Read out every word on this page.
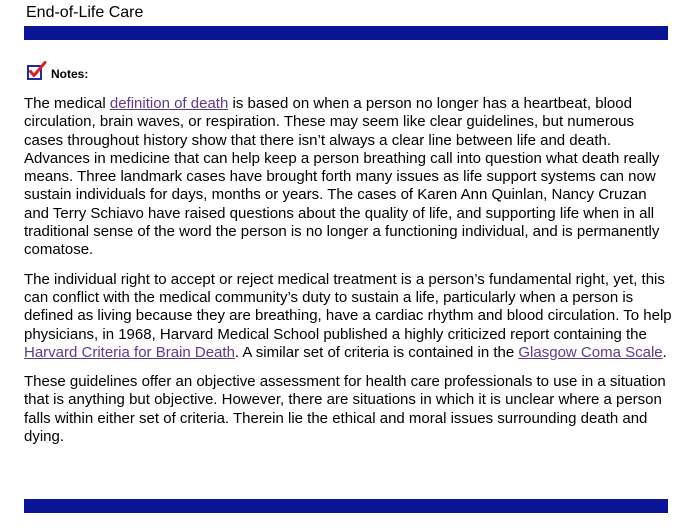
End-of-Life Care
Notes:

The medical definition of death is based on when a person no longer has a heartbeat, blood circulation, brain waves, or respiration. These may seem like clear guidelines, but numerous cases throughout history show that there isn’t always a clear line between life and death. Advances in medicine that can help keep a person breathing call into question what death really means. Three landmark cases have brought forth many issues as life support systems can now sustain individuals for days, months or years. The cases of Karen Ann Quinlan, Nancy Cruzan and Terry Schiavo have raised questions about the quality of life, and supporting life when in all traditional sense of the word the person is no longer a functioning individual, and is permanently comatose.

The individual right to accept or reject medical treatment is a person’s fundamental right, yet, this can conflict with the medical community’s duty to sustain a life, particularly when a person is defined as living because they are breathing, have a cardiac rhythm and blood circulation. To help physicians, in 1968, Harvard Medical School published a highly criticized report containing the Harvard Criteria for Brain Death. A similar set of criteria is contained in the Glasgow Coma Scale.

These guidelines offer an objective assessment for health care professionals to use in a situation that is anything but objective. However, there are situations in which it is unclear where a person falls within either set of criteria. Therein lie the ethical and moral issues surrounding death and dying.
